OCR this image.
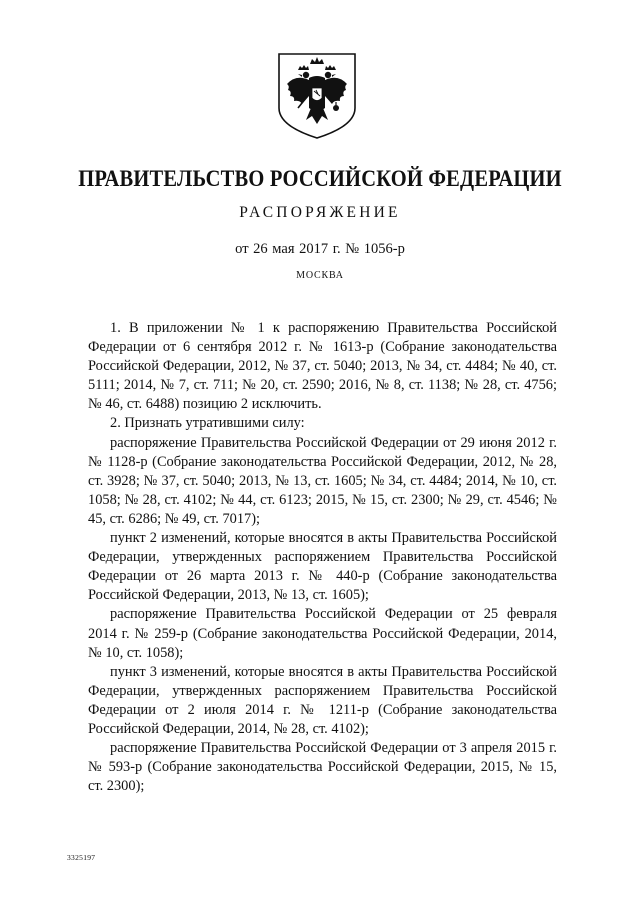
ПРАВИТЕЛЬСТВО РОССИЙСКОЙ ФЕДЕРАЦИИ
РАСПОРЯЖЕНИЕ
от 26 мая 2017 г. № 1056-р
МОСКВА

1. В приложении № 1 к распоряжению Правительства Российской Федерации от 6 сентября 2012 г. № 1613-р (Собрание законодательства Российской Федерации, 2012, № 37, ст. 5040; 2013, № 34, ст. 4484; № 40, ст. 5111; 2014, № 7, ст. 711; № 20, ст. 2590; 2016, № 8, ст. 1138; № 28, ст. 4756; № 46, ст. 6488) позицию 2 исключить.

2. Признать утратившими силу:

распоряжение Правительства Российской Федерации от 29 июня 2012 г. № 1128-р (Собрание законодательства Российской Федерации, 2012, № 28, ст. 3928; № 37, ст. 5040; 2013, № 13, ст. 1605; № 34, ст. 4484; 2014, № 10, ст. 1058; № 28, ст. 4102; № 44, ст. 6123; 2015, № 15, ст. 2300; № 29, ст. 4546; № 45, ст. 6286; № 49, ст. 7017);

пункт 2 изменений, которые вносятся в акты Правительства Российской Федерации, утвержденных распоряжением Правительства Российской Федерации от 26 марта 2013 г. № 440-р (Собрание законодательства Российской Федерации, 2013, № 13, ст. 1605);

распоряжение Правительства Российской Федерации от 25 февраля 2014 г. № 259-р (Собрание законодательства Российской Федерации, 2014, № 10, ст. 1058);

пункт 3 изменений, которые вносятся в акты Правительства Российской Федерации, утвержденных распоряжением Правительства Российской Федерации от 2 июля 2014 г. № 1211-р (Собрание законодательства Российской Федерации, 2014, № 28, ст. 4102);

распоряжение Правительства Российской Федерации от 3 апреля 2015 г. № 593-р (Собрание законодательства Российской Федерации, 2015, № 15, ст. 2300);

3325197
